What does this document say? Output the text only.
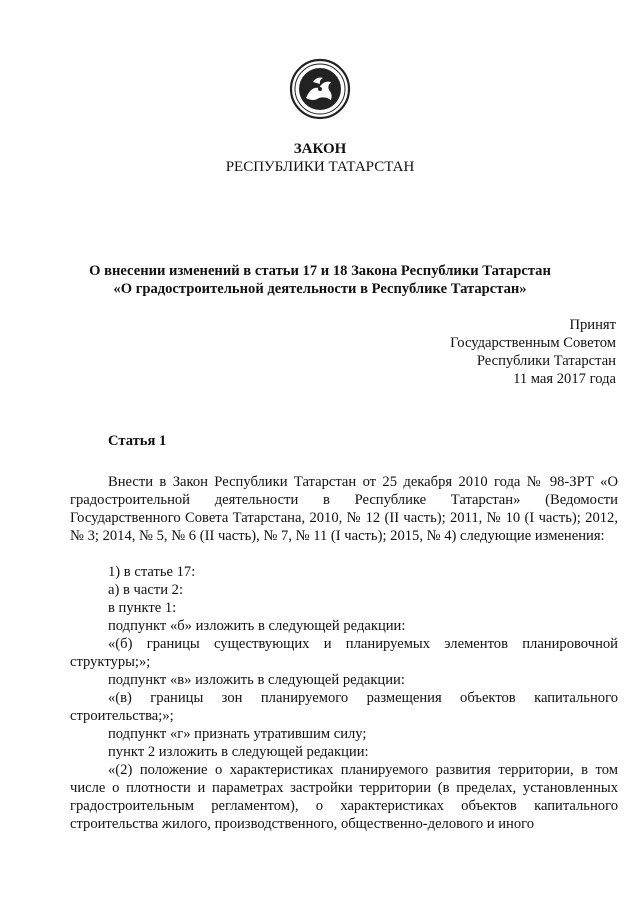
ЗАКОН
РЕСПУБЛИКИ ТАТАРСТАН
О внесении изменений в статьи 17 и 18 Закона Республики Татарстан
«О градостроительной деятельности в Республике Татарстан»
Принят
Государственным Советом
Республики Татарстан
11 мая 2017 года
Статья 1

Внести в Закон Республики Татарстан от 25 декабря 2010 года № 98-ЗРТ «О градостроительной деятельности в Республике Татарстан» (Ведомости Государственного Совета Татарстана, 2010, № 12 (II часть); 2011, № 10 (I часть); 2012, № 3; 2014, № 5, № 6 (II часть), № 7, № 11 (I часть); 2015, № 4) следующие изменения:

1) в статье 17:

а) в части 2:

в пункте 1:

подпункт «б» изложить в следующей редакции:

«(б) границы существующих и планируемых элементов планировочной структуры;»;

подпункт «в» изложить в следующей редакции:

«(в) границы зон планируемого размещения объектов капитального строительства;»;

подпункт «г» признать утратившим силу;

пункт 2 изложить в следующей редакции:

«(2) положение о характеристиках планируемого развития территории, в том числе о плотности и параметрах застройки территории (в пределах, установленных градостроительным регламентом), о характеристиках объектов капитального строительства жилого, производственного, общественно-делового и иного
